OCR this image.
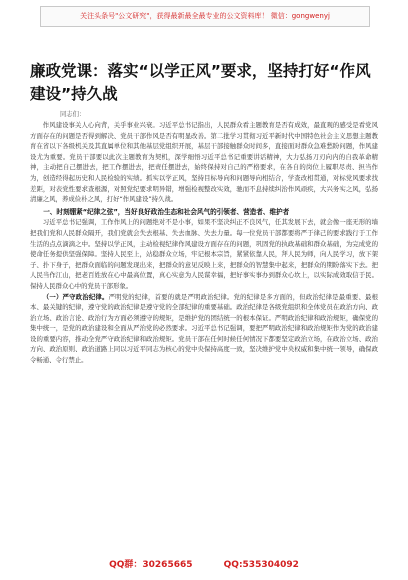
关注头条号"公文研究"，获得最新最全最专业的公文资料库！ 微信：gongwenyj
廉政党课：落实“以学正风”要求，坚持打好“作风建设”持久战
同志们：

作风建设事关人心向背，关乎事业兴衰。习近平总书记指出，人民群众看主题教育是否有成效，最直观的感受是看党风方面存在的问题是否得到解决、党员干部作风是否有明显改善。第二批学习贯彻习近平新时代中国特色社会主义思想主题教育在省以下各级机关及其直属单位和其他基层党组织开展，基层干部接触群众时间多，直接面对群众急难愁盼问题，作风建设尤为重要。党员干部要以此次主题教育为契机，深学细悟习近平总书记重要讲话精神，大力弘扬刀刃向内的自我革命精神，主动把自己摆进去，把工作摆进去，把责任摆进去，始终保持对自己的严格要求，在各自的岗位上履职尽责、担当作为，创造经得起历史和人民检验的实绩。抓实以学正风，坚持目标导向和问题导向相结合，学查改相贯通，对标党风要求找差距，对表党性要求查根源，对照党纪要求明异错，增强检视整改实效，驰而不息持续纠治作风顽疾，大兴务实之风，弘扬清廉之风，养成俭朴之风，打好“作风建设”持久战。

一、时刻绷紧“纪律之弦”，当好良好政治生态和社会风气的引领者、营造者、维护者

习近平总书记强调，工作作风上的问题绝对不是小事，如果不坚决纠正不良风气，任其发展下去，就会像一座无形的墙把我们党和人民群众隔开，我们党就会失去根基、失去血脉、失去力量。每一位党员干部都要将严于律己的要求践行于工作生活的点点滴滴之中。坚持以学正风，主动检视纪律作风建设方面存在的问题，巩固党的执政基础和群众基础，为完成党的使命任务提供坚强保障。坚持人民至上，站稳群众立场，牢记根本宗旨，紧紧依靠人民，拜人民为师，向人民学习，放下架子、扑下身子，把群众面临的问题发现出来，把群众的意见反映上来，把群众的智慧集中起来，把群众的期盼落实下去。把人民当作江山，把老百姓放在心中最高位置，真心实意为人民谋幸福，把好事实事办到群众心坎上，以实际成效取信于民。保持人民群众心中的党员干部形象。

（一）严守政治纪律。严明党的纪律，首要的就是严明政治纪律。党的纪律是多方面的，但政治纪律是最重要、最根本、最关键的纪律，遵守党的政治纪律是遵守党的全部纪律的重要基础。政治纪律是各级党组织和全体党员在政治方向、政治立场、政治言论、政治行为方面必须遵守的规矩，是维护党的团结统一的根本保证。严明政治纪律和政治规矩，确保党的集中统一，是党的政治建设和全面从严治党的必然要求。习近平总书记强调，要把严明政治纪律和政治规矩作为党的政治建设的重要内容，推动全党严守政治纪律和政治规矩。党员干部在任何时候任何情况下都要坚定政治立场，在政治立场、政治方向、政治原则、政治道路上同以习近平同志为核心的党中央保持高度一致，坚决维护党中央权威和集中统一领导，确保政令畅通、令行禁止。

QQ群：30265665	QQ:535304092
